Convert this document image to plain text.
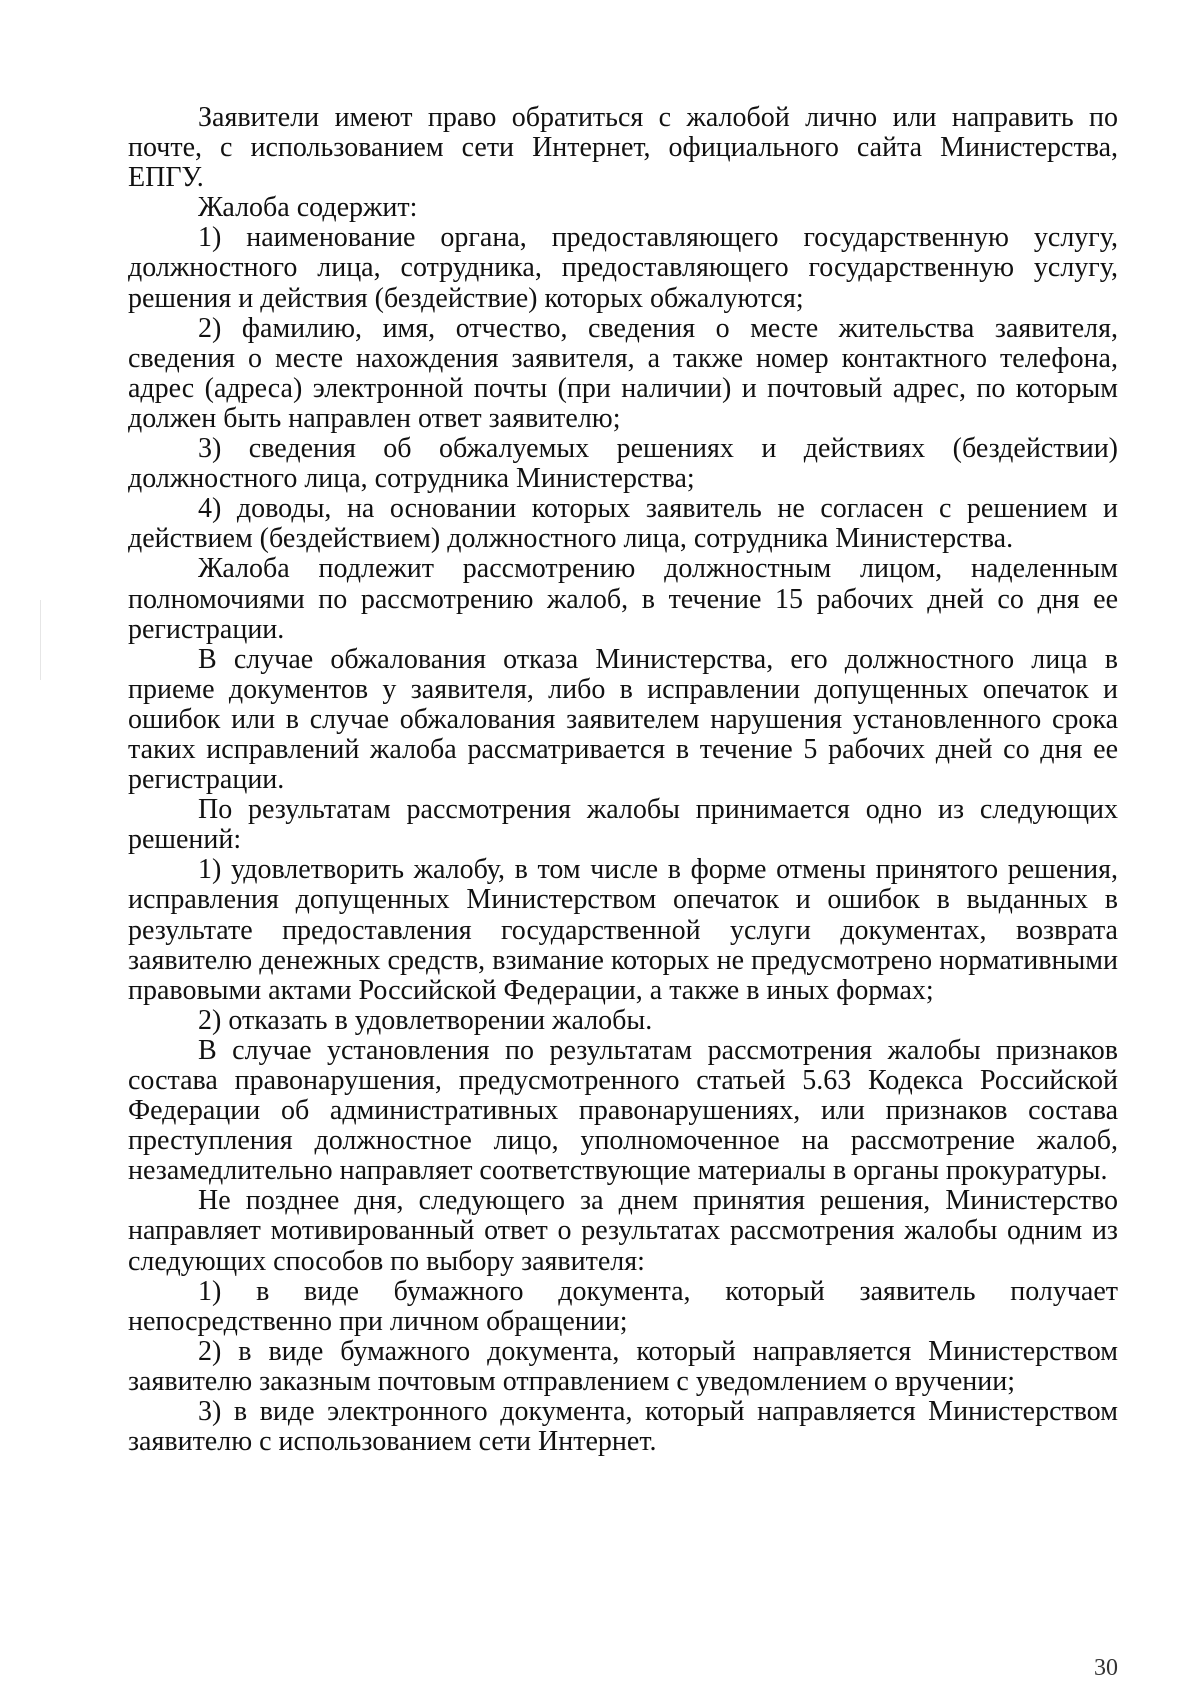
Заявители имеют право обратиться с жалобой лично или направить по почте, с использованием сети Интернет, официального сайта Министерства, ЕПГУ.

Жалоба содержит:

1) наименование органа, предоставляющего государственную услугу, должностного лица, сотрудника, предоставляющего государственную услугу, решения и действия (бездействие) которых обжалуются;

2) фамилию, имя, отчество, сведения о месте жительства заявителя, сведения о месте нахождения заявителя, а также номер контактного телефона, адрес (адреса) электронной почты (при наличии) и почтовый адрес, по которым должен быть направлен ответ заявителю;

3) сведения об обжалуемых решениях и действиях (бездействии) должностного лица, сотрудника Министерства;

4) доводы, на основании которых заявитель не согласен с решением и действием (бездействием) должностного лица, сотрудника Министерства.

Жалоба подлежит рассмотрению должностным лицом, наделенным полномочиями по рассмотрению жалоб, в течение 15 рабочих дней со дня ее регистрации.

В случае обжалования отказа Министерства, его должностного лица в приеме документов у заявителя, либо в исправлении допущенных опечаток и ошибок или в случае обжалования заявителем нарушения установленного срока таких исправлений жалоба рассматривается в течение 5 рабочих дней со дня ее регистрации.

По результатам рассмотрения жалобы принимается одно из следующих решений:

1) удовлетворить жалобу, в том числе в форме отмены принятого решения, исправления допущенных Министерством опечаток и ошибок в выданных в результате предоставления государственной услуги документах, возврата заявителю денежных средств, взимание которых не предусмотрено нормативными правовыми актами Российской Федерации, а также в иных формах;

2) отказать в удовлетворении жалобы.

В случае установления по результатам рассмотрения жалобы признаков состава правонарушения, предусмотренного статьей 5.63 Кодекса Российской Федерации об административных правонарушениях, или признаков состава преступления должностное лицо, уполномоченное на рассмотрение жалоб, незамедлительно направляет соответствующие материалы в органы прокуратуры.

Не позднее дня, следующего за днем принятия решения, Министерство направляет мотивированный ответ о результатах рассмотрения жалобы одним из следующих способов по выбору заявителя:

1) в виде бумажного документа, который заявитель получает непосредственно при личном обращении;

2) в виде бумажного документа, который направляется Министерством заявителю заказным почтовым отправлением с уведомлением о вручении;

3) в виде электронного документа, который направляется Министерством заявителю с использованием сети Интернет.

30
